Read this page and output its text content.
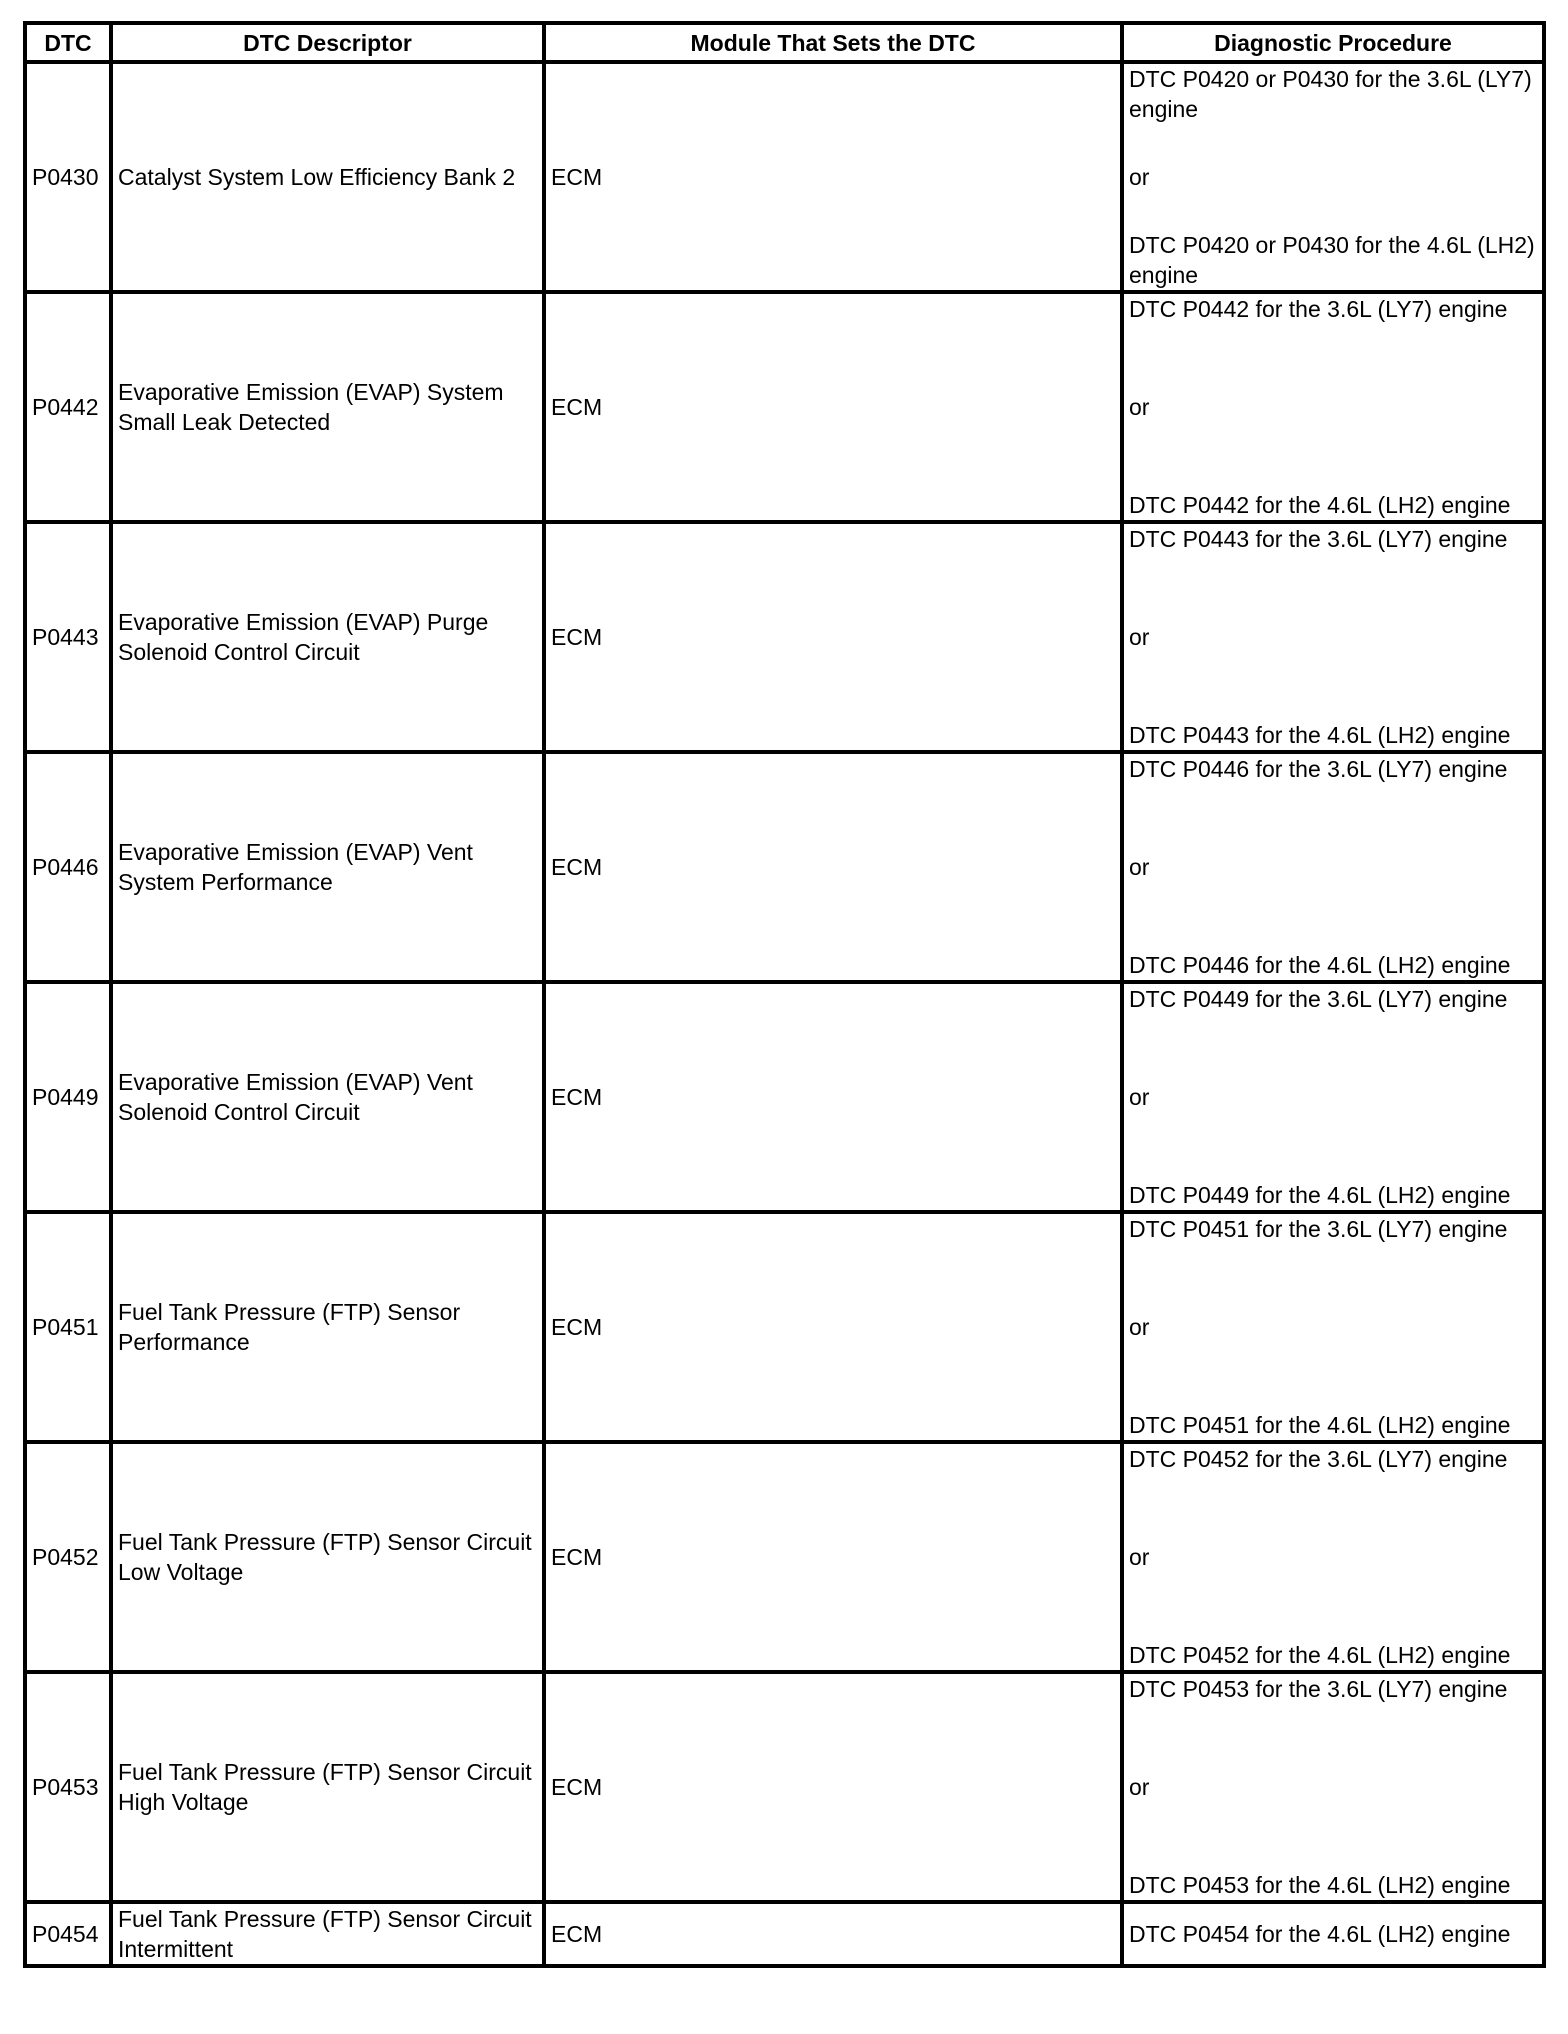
DTC	DTC Descriptor	Module That Sets the DTC	Diagnostic Procedure
P0430	Catalyst System Low Efficiency Bank 2	ECM	DTC P0420 or P0430 for the 3.6L (LY7) engine
or
DTC P0420 or P0430 for the 4.6L (LH2) engine

P0442	Evaporative Emission (EVAP) System Small Leak Detected	ECM	DTC P0442 for the 3.6L (LY7) engine
or
DTC P0442 for the 4.6L (LH2) engine

P0443	Evaporative Emission (EVAP) Purge Solenoid Control Circuit	ECM	DTC P0443 for the 3.6L (LY7) engine
or
DTC P0443 for the 4.6L (LH2) engine

P0446	Evaporative Emission (EVAP) Vent System Performance	ECM	DTC P0446 for the 3.6L (LY7) engine
or
DTC P0446 for the 4.6L (LH2) engine

P0449	Evaporative Emission (EVAP) Vent Solenoid Control Circuit	ECM	DTC P0449 for the 3.6L (LY7) engine
or
DTC P0449 for the 4.6L (LH2) engine

P0451	Fuel Tank Pressure (FTP) Sensor Performance	ECM	DTC P0451 for the 3.6L (LY7) engine
or
DTC P0451 for the 4.6L (LH2) engine

P0452	Fuel Tank Pressure (FTP) Sensor Circuit Low Voltage	ECM	DTC P0452 for the 3.6L (LY7) engine
or
DTC P0452 for the 4.6L (LH2) engine

P0453	Fuel Tank Pressure (FTP) Sensor Circuit High Voltage	ECM	DTC P0453 for the 3.6L (LY7) engine
or
DTC P0453 for the 4.6L (LH2) engine

P0454	Fuel Tank Pressure (FTP) Sensor Circuit Intermittent	ECM	DTC P0454 for the 4.6L (LH2) engine
